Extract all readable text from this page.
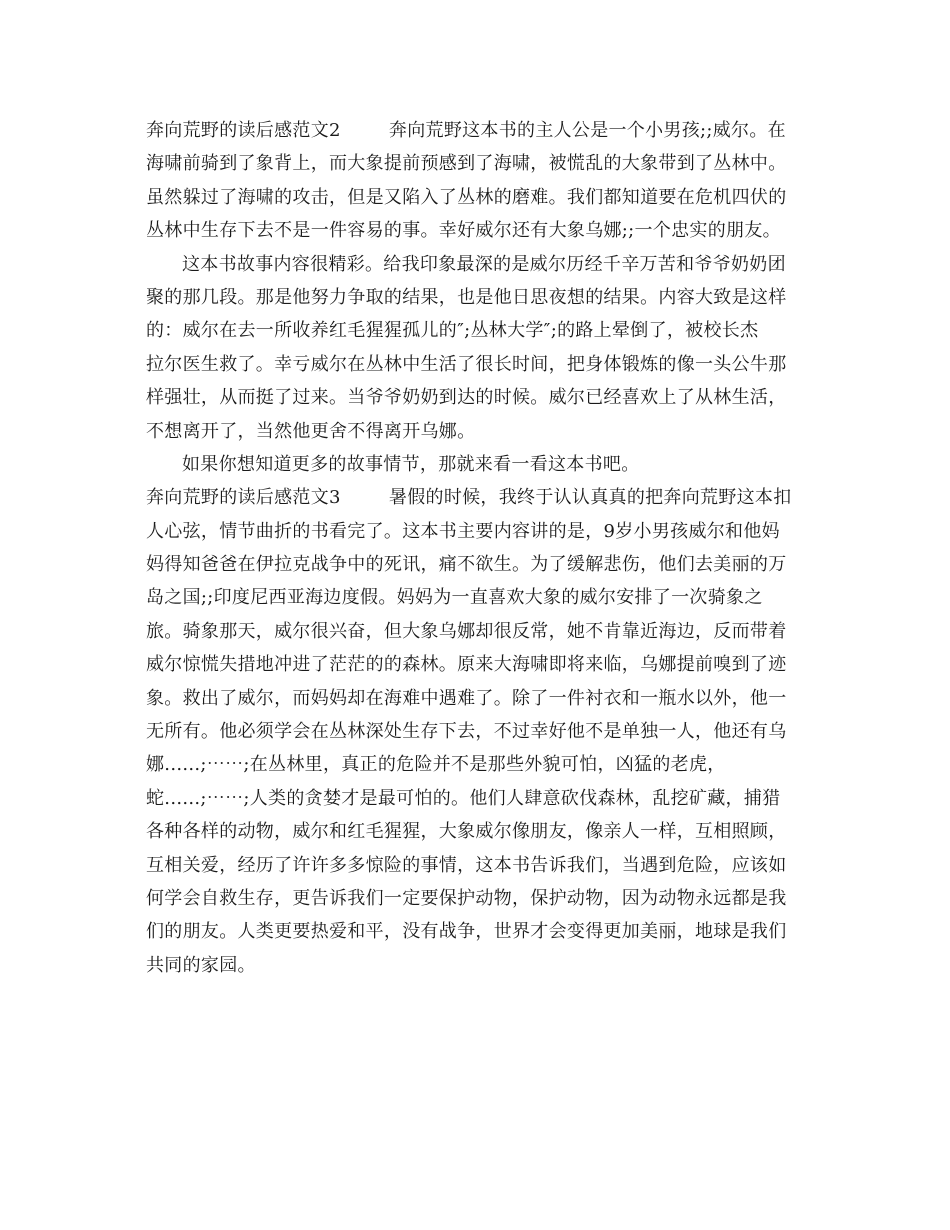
奔向荒野的读后感范文2        奔向荒野这本书的主人公是一个小男孩;;威尔。在
海啸前骑到了象背上，而大象提前预感到了海啸，被慌乱的大象带到了丛林中。
虽然躲过了海啸的攻击，但是又陷入了丛林的磨难。我们都知道要在危机四伏的
丛林中生存下去不是一件容易的事。幸好威尔还有大象乌娜;;一个忠实的朋友。
这本书故事内容很精彩。给我印象最深的是威尔历经千辛万苦和爷爷奶奶团
聚的那几段。那是他努力争取的结果，也是他日思夜想的结果。内容大致是这样
的：威尔在去一所收养红毛猩猩孤儿的″;丛林大学″;的路上晕倒了，被校长杰
拉尔医生救了。幸亏威尔在丛林中生活了很长时间，把身体锻炼的像一头公牛那
样强壮，从而挺了过来。当爷爷奶奶到达的时候。威尔已经喜欢上了从林生活，
不想离开了，当然他更舍不得离开乌娜。
如果你想知道更多的故事情节，那就来看一看这本书吧。
奔向荒野的读后感范文3        暑假的时候，我终于认认真真的把奔向荒野这本扣
人心弦，情节曲折的书看完了。这本书主要内容讲的是，9岁小男孩威尔和他妈
妈得知爸爸在伊拉克战争中的死讯，痛不欲生。为了缓解悲伤，他们去美丽的万
岛之国;;印度尼西亚海边度假。妈妈为一直喜欢大象的威尔安排了一次骑象之
旅。骑象那天，威尔很兴奋，但大象乌娜却很反常，她不肯靠近海边，反而带着
威尔惊慌失措地冲进了茫茫的的森林。原来大海啸即将来临，乌娜提前嗅到了迹
象。救出了威尔，而妈妈却在海难中遇难了。除了一件衬衣和一瓶水以外，他一
无所有。他必须学会在丛林深处生存下去，不过幸好他不是单独一人，他还有乌
娜......;⋯⋯;在丛林里，真正的危险并不是那些外貌可怕，凶猛的老虎，
蛇......;⋯⋯;人类的贪婪才是最可怕的。他们人肆意砍伐森林，乱挖矿藏，捕猎
各种各样的动物，威尔和红毛猩猩，大象威尔像朋友，像亲人一样，互相照顾，
互相关爱，经历了许许多多惊险的事情，这本书告诉我们，当遇到危险，应该如
何学会自救生存，更告诉我们一定要保护动物，保护动物，因为动物永远都是我
们的朋友。人类更要热爱和平，没有战争，世界才会变得更加美丽，地球是我们
共同的家园。
